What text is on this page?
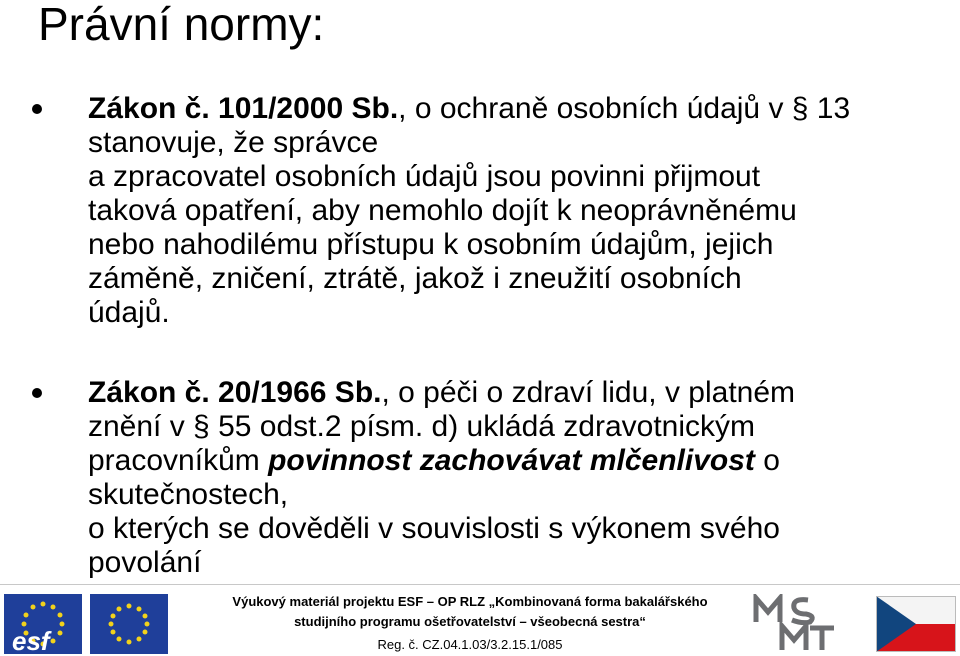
Právní normy:
Zákon č. 101/2000 Sb., o ochraně osobních údajů v § 13 stanovuje, že správce
a zpracovatel osobních údajů jsou povinni přijmout
taková opatření, aby nemohlo dojít k neoprávněnému
nebo nahodilému přístupu k osobním údajům, jejich
záměně, zničení, ztrátě, jakož i zneužití osobních
údajů.
Zákon č. 20/1966 Sb., o péči o zdraví lidu, v platném
znění v § 55 odst.2 písm. d) ukládá zdravotnickým
pracovníkům povinnost zachovávat mlčenlivost o
skutečnostech,
o kterých se dověděli v souvislosti s výkonem svého
povolání
esf
Výukový materiál projektu ESF – OP RLZ „Kombinovaná forma bakalářského
studijního programu ošetřovatelství – všeobecná sestra“
Reg. č. CZ.04.1.03/3.2.15.1/085
MŠMT
